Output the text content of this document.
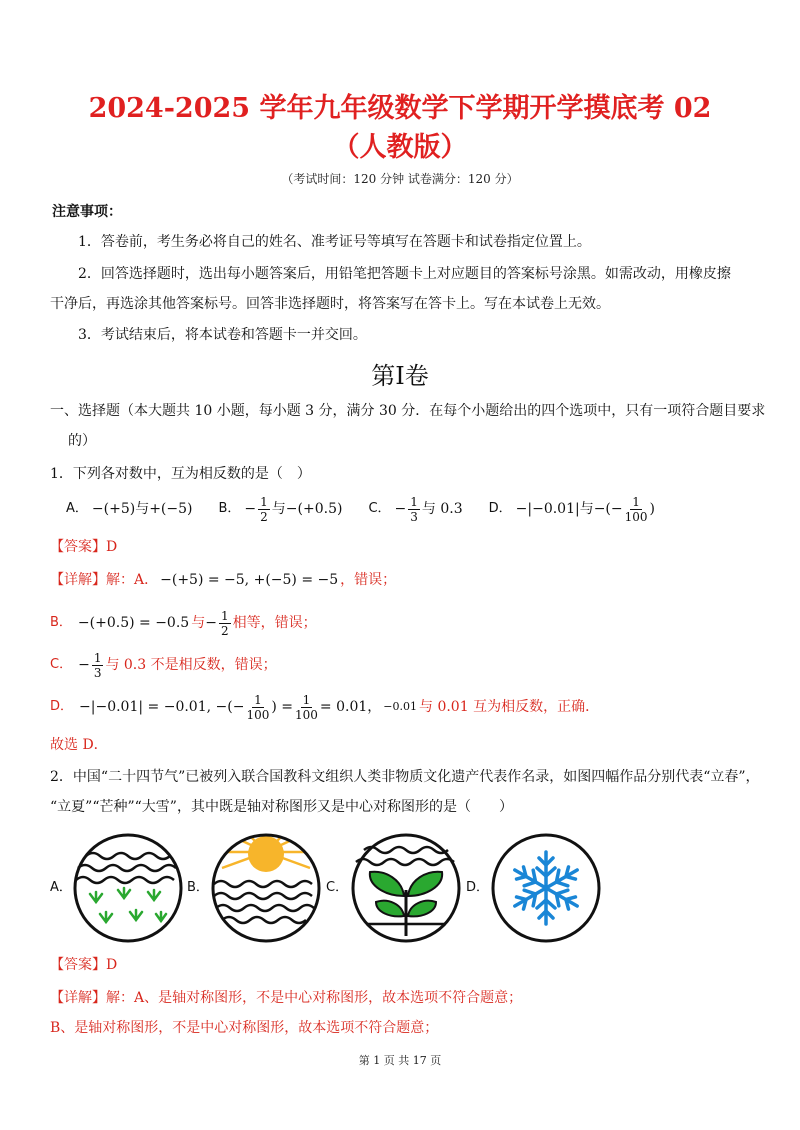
2024-2025 学年九年级数学下学期开学摸底考 02
（人教版）
（考试时间：120 分钟 试卷满分：120 分）
注意事项：
1．答卷前，考生务必将自己的姓名、准考证号等填写在答题卡和试卷指定位置上。
2．回答选择题时，选出每小题答案后，用铅笔把答题卡上对应题目的答案标号涂黑。如需改动，用橡皮擦
干净后，再选涂其他答案标号。回答非选择题时，将答案写在答卡上。写在本试卷上无效。
3．考试结束后，将本试卷和答题卡一并交回。
第I卷
一、选择题（本大题共 10 小题，每小题 3 分，满分 30 分．在每个小题给出的四个选项中，只有一项符合题目要求
的）
1．下列各对数中，互为相反数的是（　）
A． −(+5)与+(−5) B． − $\frac{1}{2}$ 与−(+0.5) C． − $\frac{1}{3}$ 与 0.3 D． −|−0.01|与−(− $\frac{1}{100}$ )
【答案】D
【详解】 解：A． −(+5) = −5, +(−5) = −5 ，错误；
B． −(+0.5) = −0.5 与 − $\frac{1}{2}$ 相等，错误；
C． − $\frac{1}{3}$ 与 0.3 不是相反数，错误；
D． −|−0.01| = −0.01, −(− $\frac{1}{100}$ ) = $\frac{1}{100} = 0.01$， −0.01 与 0.01 互为相反数，正确．
故选 D．
2．中国“二十四节气”已被列入联合国教科文组织人类非物质文化遗产代表作名录，如图四幅作品分别代表“立春”，
“立夏”“芒种”“大雪”，其中既是轴对称图形又是中心对称图形的是（　　）
A．	B．	C．	D．
【答案】D
【详解】解：A、是轴对称图形，不是中心对称图形，故本选项不符合题意；
B、是轴对称图形，不是中心对称图形，故本选项不符合题意；
第 1 页 共 17 页
